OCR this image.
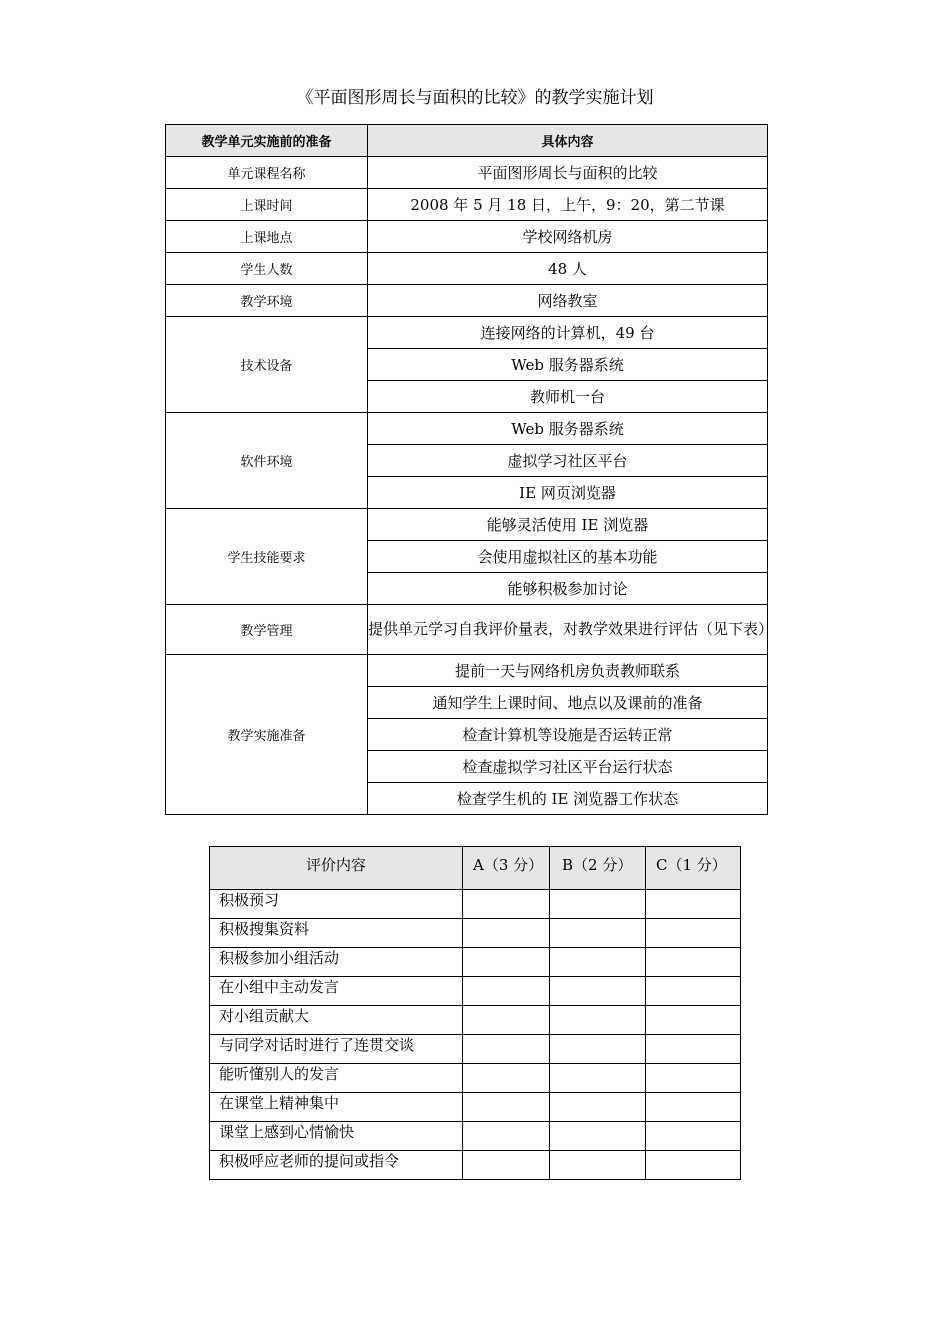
《平面图形周长与面积的比较》的教学实施计划
教学单元实施前的准备	具体内容
单元课程名称	平面图形周长与面积的比较
上课时间	2008 年 5 月 18 日，上午，9：20，第二节课
上课地点	学校网络机房
学生人数	48 人
教学环境	网络教室
技术设备	连接网络的计算机，49 台
	Web 服务器系统
	教师机一台
软件环境	Web 服务器系统
	虚拟学习社区平台
	IE 网页浏览器
学生技能要求	能够灵活使用 IE 浏览器
	会使用虚拟社区的基本功能
	能够积极参加讨论
教学管理	提供单元学习自我评价量表，对教学效果进行评估（见下表）
教学实施准备	提前一天与网络机房负责教师联系
	通知学生上课时间、地点以及课前的准备
	检查计算机等设施是否运转正常
	检查虚拟学习社区平台运行状态
	检查学生机的 IE 浏览器工作状态
评价内容	A（3 分）	B（2 分）	C（1 分）
积极预习			
积极搜集资料			
积极参加小组活动			
在小组中主动发言			
对小组贡献大			
与同学对话时进行了连贯交谈			
能听懂别人的发言			
在课堂上精神集中			
课堂上感到心情愉快			
积极呼应老师的提问或指令			
